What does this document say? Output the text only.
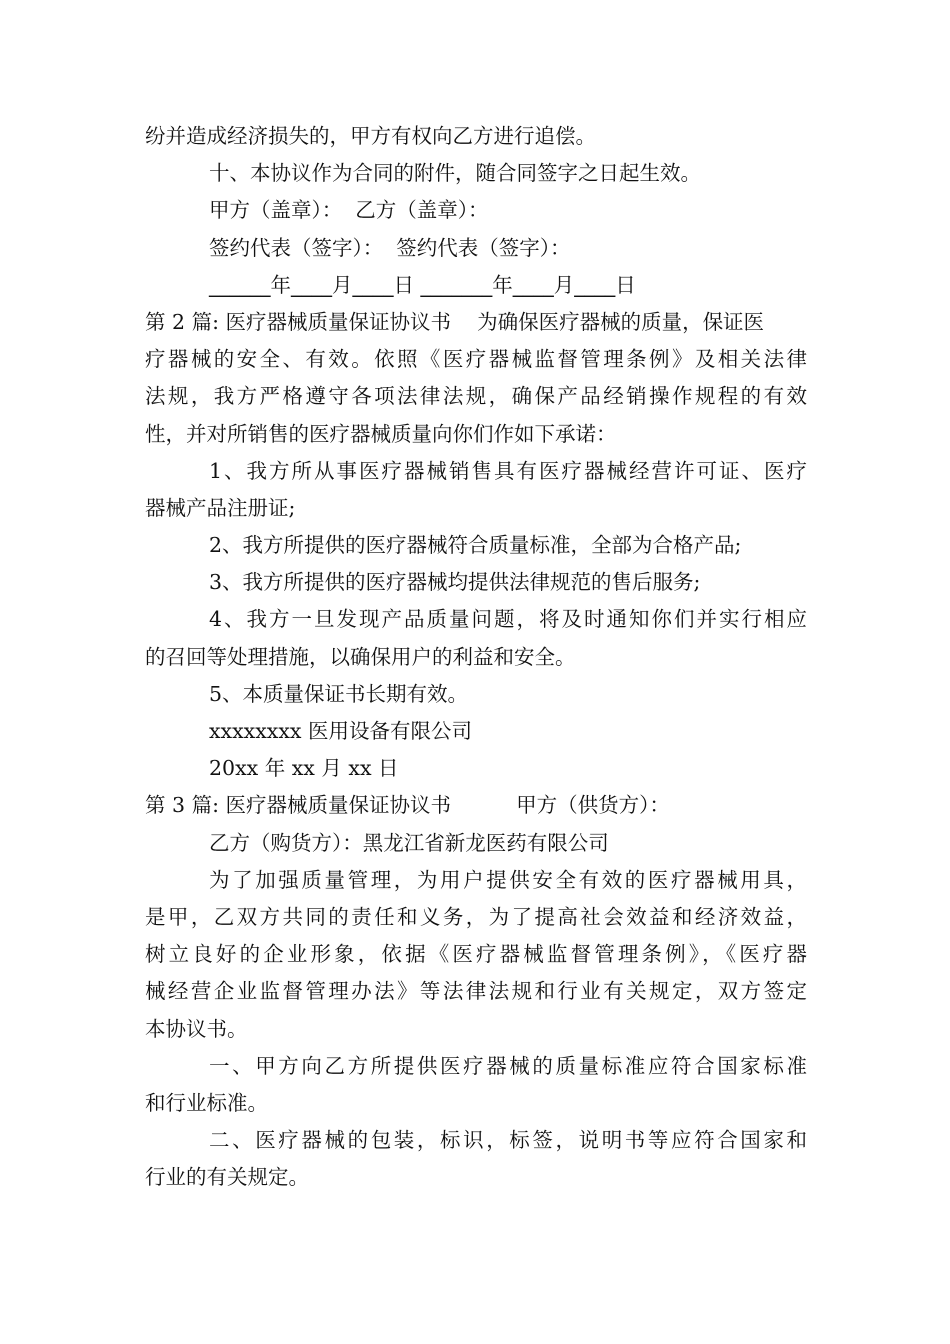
纷并造成经济损失的，甲方有权向乙方进行追偿。
十、本协议作为合同的附件，随合同签字之日起生效。
甲方（盖章）：  乙方（盖章）：
签约代表（签字）：  签约代表（签字）：
______年____月____日 _______年____月____日
第 2 篇: 医疗器械质量保证协议书    为确保医疗器械的质量，保证医
疗器械的安全、有效。依照《医疗器械监督管理条例》及相关法律
法规，我方严格遵守各项法律法规，确保产品经销操作规程的有效
性，并对所销售的医疗器械质量向你们作如下承诺：
1、我方所从事医疗器械销售具有医疗器械经营许可证、医疗
器械产品注册证;
2、我方所提供的医疗器械符合质量标准，全部为合格产品;
3、我方所提供的医疗器械均提供法律规范的售后服务;
4、我方一旦发现产品质量问题，将及时通知你们并实行相应
的召回等处理措施，以确保用户的利益和安全。
5、本质量保证书长期有效。
xxxxxxxx 医用设备有限公司
20xx 年 xx 月 xx 日
第 3 篇: 医疗器械质量保证协议书          甲方（供货方）：
乙方（购货方）：黑龙江省新龙医药有限公司
为了加强质量管理，为用户提供安全有效的医疗器械用具，
是甲，乙双方共同的责任和义务，为了提高社会效益和经济效益，
树立良好的企业形象，依据《医疗器械监督管理条例》，《医疗器
械经营企业监督管理办法》等法律法规和行业有关规定，双方签定
本协议书。
一、甲方向乙方所提供医疗器械的质量标准应符合国家标准
和行业标准。
二、医疗器械的包装，标识，标签，说明书等应符合国家和
行业的有关规定。
